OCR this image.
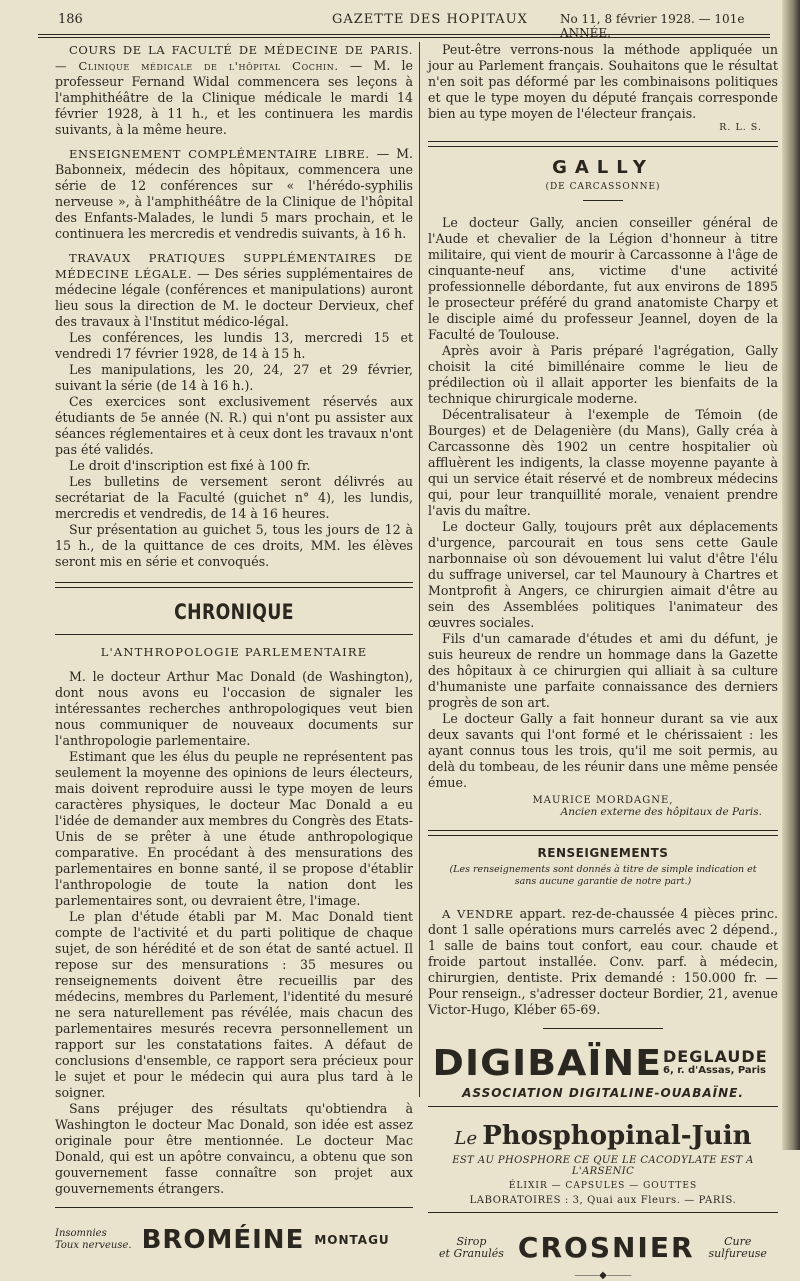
186	GAZETTE DES HOPITAUX	No 11, 8 février 1928. — 101e ANNÉE.

COURS DE LA FACULTÉ DE MÉDECINE DE PARIS. — Clinique médicale de l'hôpital Cochin. — M. le professeur Fernand Widal commencera ses leçons à l'amphithéâtre de la Clinique médicale le mardi 14 février 1928, à 11 h., et les continuera les mardis suivants, à la même heure.

ENSEIGNEMENT COMPLÉMENTAIRE LIBRE. — M. Babonneix, médecin des hôpitaux, commencera une série de 12 conférences sur « l'hérédo-syphilis nerveuse », à l'amphithéâtre de la Clinique de l'hôpital des Enfants-Malades, le lundi 5 mars prochain, et le continuera les mercredis et vendredis suivants, à 16 h.

TRAVAUX PRATIQUES SUPPLÉMENTAIRES DE MÉDECINE LÉGALE. — Des séries supplémentaires de médecine légale (conférences et manipulations) auront lieu sous la direction de M. le docteur Dervieux, chef des travaux à l'Institut médico-légal.

Les conférences, les lundis 13, mercredi 15 et vendredi 17 février 1928, de 14 à 15 h.

Les manipulations, les 20, 24, 27 et 29 février, suivant la série (de 14 à 16 h.).

Ces exercices sont exclusivement réservés aux étudiants de 5e année (N. R.) qui n'ont pu assister aux séances réglementaires et à ceux dont les travaux n'ont pas été validés.

Le droit d'inscription est fixé à 100 fr.

Les bulletins de versement seront délivrés au secrétariat de la Faculté (guichet n° 4), les lundis, mercredis et vendredis, de 14 à 16 heures.

Sur présentation au guichet 5, tous les jours de 12 à 15 h., de la quittance de ces droits, MM. les élèves seront mis en série et convoqués.

CHRONIQUE
L'ANTHROPOLOGIE PARLEMENTAIRE

M. le docteur Arthur Mac Donald (de Washington), dont nous avons eu l'occasion de signaler les intéressantes recherches anthropologiques veut bien nous communiquer de nouveaux documents sur l'anthropologie parlementaire.

Estimant que les élus du peuple ne représentent pas seulement la moyenne des opinions de leurs électeurs, mais doivent reproduire aussi le type moyen de leurs caractères physiques, le docteur Mac Donald a eu l'idée de demander aux membres du Congrès des Etats-Unis de se prêter à une étude anthropologique comparative. En procédant à des mensurations des parlementaires en bonne santé, il se propose d'établir l'anthropologie de toute la nation dont les parlementaires sont, ou devraient être, l'image.

Le plan d'étude établi par M. Mac Donald tient compte de l'activité et du parti politique de chaque sujet, de son hérédité et de son état de santé actuel. Il repose sur des mensurations : 35 mesures ou renseignements doivent être recueillis par des médecins, membres du Parlement, l'identité du mesuré ne sera naturellement pas révélée, mais chacun des parlementaires mesurés recevra personnellement un rapport sur les constatations faites. A défaut de conclusions d'ensemble, ce rapport sera précieux pour le sujet et pour le médecin qui aura plus tard à le soigner.

Sans préjuger des résultats qu'obtiendra à Washington le docteur Mac Donald, son idée est assez originale pour être mentionnée. Le docteur Mac Donald, qui est un apôtre convaincu, a obtenu que son gouvernement fasse connaître son projet aux gouvernements étrangers.

Insomnies
Toux nerveuse. BROMÉINE MONTAGU

Peut-être verrons-nous la méthode appliquée un jour au Parlement français. Souhaitons que le résultat n'en soit pas déformé par les combinaisons politiques et que le type moyen du député français corresponde bien au type moyen de l'électeur français.

R. L. S.
GALLY
(DE CARCASSONNE)

Le docteur Gally, ancien conseiller général de l'Aude et chevalier de la Légion d'honneur à titre militaire, qui vient de mourir à Carcassonne à l'âge de cinquante-neuf ans, victime d'une activité professionnelle débordante, fut aux environs de 1895 le prosecteur préféré du grand anatomiste Charpy et le disciple aimé du professeur Jeannel, doyen de la Faculté de Toulouse.

Après avoir à Paris préparé l'agrégation, Gally choisit la cité bimillénaire comme le lieu de prédilection où il allait apporter les bienfaits de la technique chirurgicale moderne.

Décentralisateur à l'exemple de Témoin (de Bourges) et de Delagenière (du Mans), Gally créa à Carcassonne dès 1902 un centre hospitalier où affluèrent les indigents, la classe moyenne payante à qui un service était réservé et de nombreux médecins qui, pour leur tranquillité morale, venaient prendre l'avis du maître.

Le docteur Gally, toujours prêt aux déplacements d'urgence, parcourait en tous sens cette Gaule narbonnaise où son dévouement lui valut d'être l'élu du suffrage universel, car tel Maunoury à Chartres et Montprofit à Angers, ce chirurgien aimait d'être au sein des Assemblées politiques l'animateur des œuvres sociales.

Fils d'un camarade d'études et ami du défunt, je suis heureux de rendre un hommage dans la Gazette des hôpitaux à ce chirurgien qui alliait à sa culture d'humaniste une parfaite connaissance des derniers progrès de son art.

Le docteur Gally a fait honneur durant sa vie aux deux savants qui l'ont formé et le chérissaient : les ayant connus tous les trois, qu'il me soit permis, au delà du tombeau, de les réunir dans une même pensée émue.

MAURICE MORDAGNE,
Ancien externe des hôpitaux de Paris.
RENSEIGNEMENTS
(Les renseignements sont donnés à titre de simple indication et sans aucune garantie de notre part.)

A VENDRE appart. rez-de-chaussée 4 pièces princ. dont 1 salle opérations murs carrelés avec 2 dépend., 1 salle de bains tout confort, eau cour. chaude et froide partout installée. Conv. parf. à médecin, chirurgien, dentiste. Prix demandé : 150.000 fr. — Pour renseign., s'adresser docteur Bordier, 21, avenue Victor-Hugo, Kléber 65-69.

DIGIBAÏNE DEGLAUDE
6, r. d'Assas, Paris
ASSOCIATION DIGITALINE-OUABAÏNE.
Le Phosphopinal-Juin
EST AU PHOSPHORE CE QUE LE CACODYLATE EST A L'ARSENIC
ÉLIXIR — CAPSULES — GOUTTES
LABORATOIRES : 3, Quai aux Fleurs. — PARIS.
Sirop
et Granulés CROSNIER	Cure
sulfureuse
⸻◆⸻
